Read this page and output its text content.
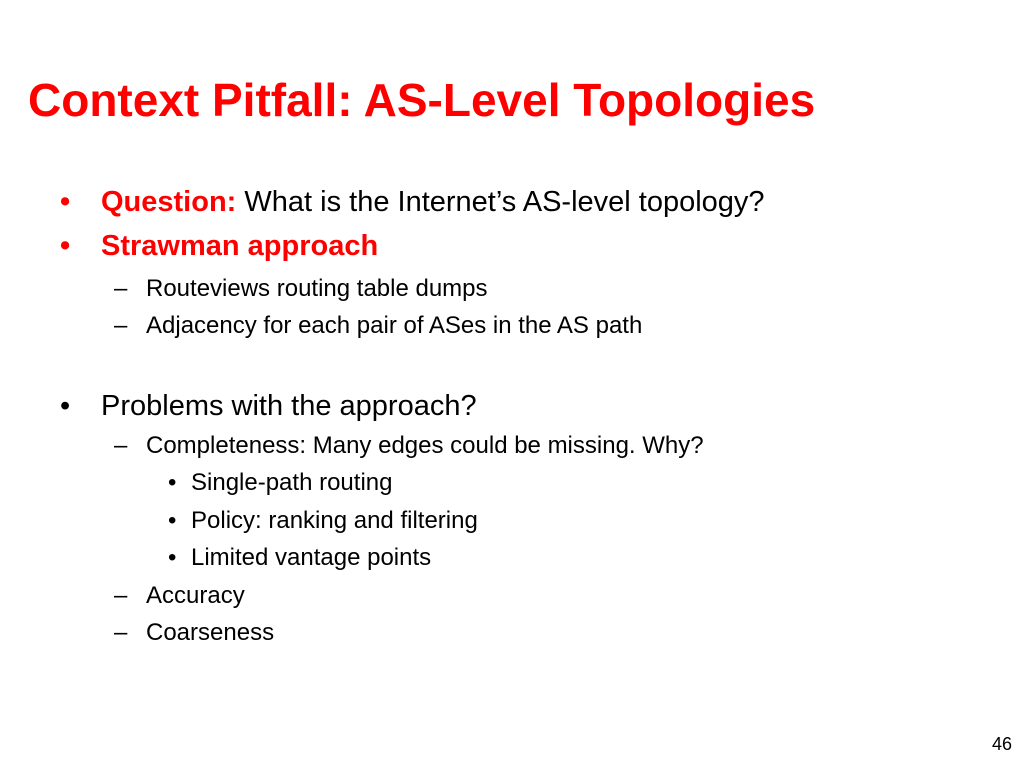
Context Pitfall: AS-Level Topologies
• Question: What is the Internet’s AS-level topology?
• Strawman approach
– Routeviews routing table dumps
– Adjacency for each pair of ASes in the AS path
• Problems with the approach?
– Completeness: Many edges could be missing. Why?
• Single-path routing
• Policy: ranking and filtering
• Limited vantage points
– Accuracy
– Coarseness
46
